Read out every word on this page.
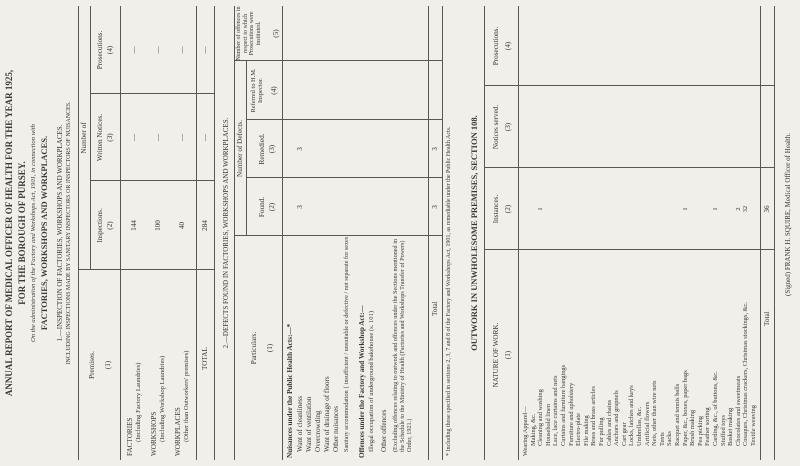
ANNUAL REPORT OF MEDICAL OFFICER OF HEALTH FOR THE YEAR 1925, FOR THE BOROUGH OF PURSEY. On the administration of the Factory and Workshops Act, 1901, in connection with FACTORIES, WORKSHOPS AND WORKPLACES. 1.—INSPECTION OF FACTORIES, WORKSHOPS AND WORKPLACES. INCLUDING INSPECTIONS MADE BY SANITARY INSPECTORS OR INSPECTORS OF NUISANCES.
Premises. (1)
Number of
Inspections. (2)
Written Notices. (3)
Prosecutions. (4)
FACTORIES (Including Factory Laundries)
144
—
—
WORKSHOPS (Including Workshop Laundries)
100
—
—
WORKPLACES (Other than Outworkers' premises)
40
—
—
TOTAL
284
—
—
2.—DEFECTS FOUND IN FACTORIES, WORKSHOPS AND WORKPLACES.	Particulars. (1)
Number of Defects.
Found. (2)
Remedied. (3)
Referred to H.M. Inspector. (4)
Number of offences in respect to which Prosecutions were instituted. (5)
Nuisances under the Public Health Acts:—* Want of cleanliness
3
3
Want of ventilation Overcrowding Want of drainage of floors Other nuisances Sanitary accommodation { insufficient / unsuitable or defective / not separate for sexes Offences under the Factory and Workshop Act:— Illegal occupation of underground bakehouse (s. 101) Other offences (Excluding offences relating to outwork and offences under the Sections mentioned in the Schedule to the Ministry of Health (Factories and Workshops Transfer of Powers) Order, 1921.)
Total
3
3 * Including those specified in sections 2, 3, 7 and 8 of the Factory and Workshops Act, 1901, as remediable under the Public Health Acts. OUTWORK IN UNWHOLESOME PREMISES, SECTION 108.
NATURE OF WORK. (1)
Instances. (2)
Notices served. (3)
Prosecutions. (4)
Wearing Apparel— Making, &c. Cleaning and washing
1
Household linen Lace, lace curtains and nets Curtains and furniture hangings Furniture and upholstery Electro-plate File making Brass and brass articles Fur pulling Cables and chains Anchors and grapnels Cart gear Locks, latches and keys Umbrellas, &c. Artificial flowers Nets, other than wire nets Tents Sacks Racquet and tennis balls Paper, &c., boxes, paper bags
1
Brush making Pea picking Feather sorting Carding, &c., of buttons, &c.
1
Stuffed toys Basket making Chocolates and sweetmeats
2
Cosaques, Christmas crackers, Christmas stockings, &c.
32
Textile weaving
Total
36 (Signed) FRANK H. SQUIRE, Medical Officer of Health.
